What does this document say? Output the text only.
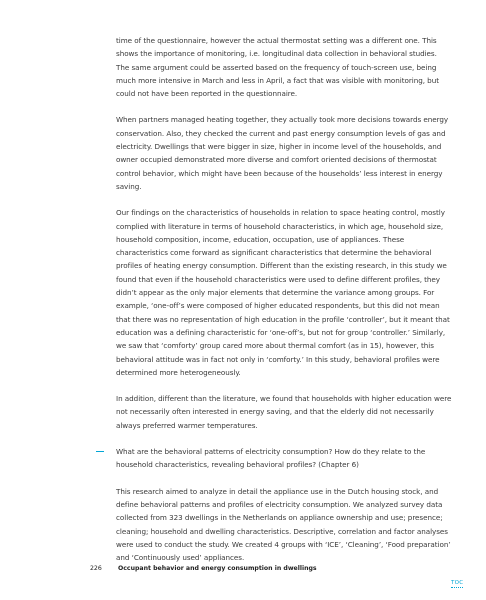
time of the questionnaire, however the actual thermostat setting was a different one. This shows the importance of monitoring, i.e. longitudinal data collection in behavioral studies. The same argument could be asserted based on the frequency of touch-screen use, being much more intensive in March and less in April, a fact that was visible with monitoring, but could not have been reported in the questionnaire.

When partners managed heating together, they actually took more decisions towards energy conservation. Also, they checked the current and past energy consumption levels of gas and electricity. Dwellings that were bigger in size, higher in income level of the households, and owner occupied demonstrated more diverse and comfort oriented decisions of thermostat control behavior, which might have been because of the households’ less interest in energy saving.

Our findings on the characteristics of households in relation to space heating control, mostly complied with literature in terms of household characteristics, in which age, household size, household composition, income, education, occupation, use of appliances. These characteristics come forward as significant characteristics that determine the behavioral profiles of heating energy consumption. Different than the existing research, in this study we found that even if the household characteristics were used to define different profiles, they didn’t appear as the only major elements that determine the variance among groups. For example, ‘one-off’s were composed of higher educated respondents, but this did not mean that there was no representation of high education in the profile ‘controller’, but it meant that education was a defining characteristic for ‘one-off’s, but not for group ‘controller.’ Similarly, we saw that ‘comforty’ group cared more about thermal comfort (as in 15), however, this behavioral attitude was in fact not only in ‘comforty.’ In this study, behavioral profiles were determined more heterogeneously.

In addition, different than the literature, we found that households with higher education were not necessarily often interested in energy saving, and that the elderly did not necessarily always preferred warmer temperatures.

What are the behavioral patterns of electricity consumption? How do they relate to the household characteristics, revealing behavioral profiles? (Chapter 6)

This research aimed to analyze in detail the appliance use in the Dutch housing stock, and define behavioral patterns and profiles of electricity consumption. We analyzed survey data collected from 323 dwellings in the Netherlands on appliance ownership and use; presence; cleaning; household and dwelling characteristics. Descriptive, correlation and factor analyses were used to conduct the study. We created 4 groups with ‘ICE’, ‘Cleaning’, ‘Food preparation’ and ‘Continuously used’ appliances.

226	Occupant behavior and energy consumption in dwellings
TOC
